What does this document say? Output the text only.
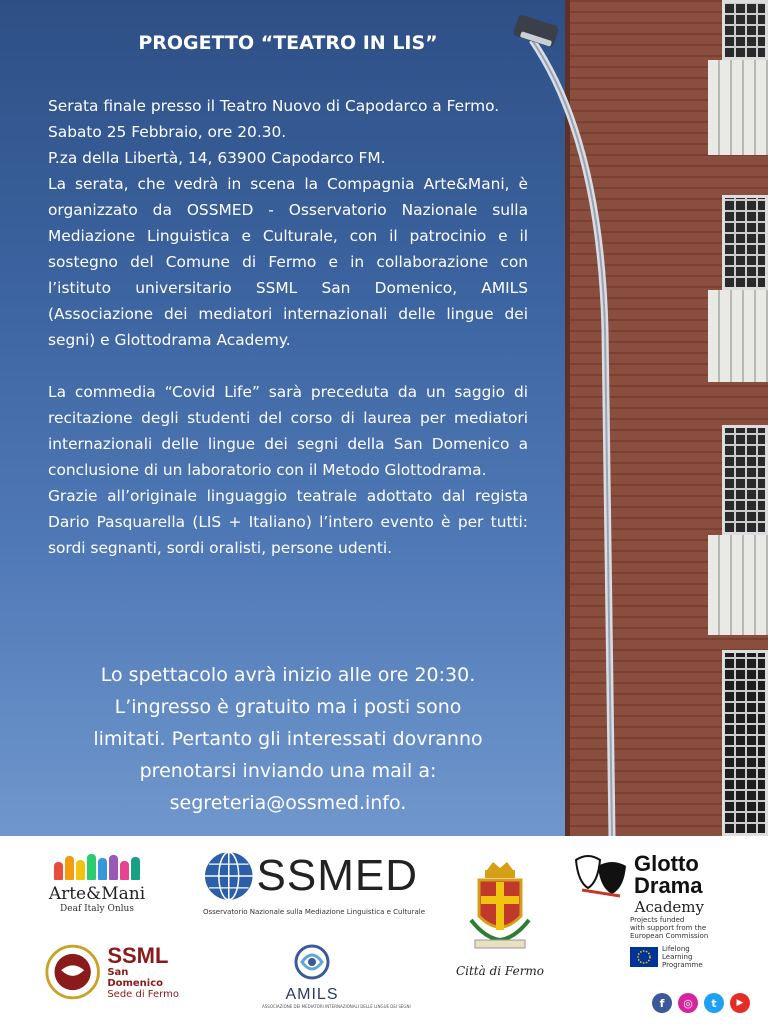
PROGETTO “TEATRO IN LIS”

Serata finale presso il Teatro Nuovo di Capodarco a Fermo. Sabato 25 Febbraio, ore 20.30.

P.za della Libertà, 14, 63900 Capodarco FM.

La serata, che vedrà in scena la Compagnia Arte&Mani, è organizzato da OSSMED - Osservatorio Nazionale sulla Mediazione Linguistica e Culturale, con il patrocinio e il sostegno del Comune di Fermo e in collaborazione con l’istituto universitario SSML San Domenico, AMILS (Associazione dei mediatori internazionali delle lingue dei segni) e Glottodrama Academy.

La commedia “Covid Life” sarà preceduta da un saggio di recitazione degli studenti del corso di laurea per mediatori internazionali delle lingue dei segni della San Domenico a conclusione di un laboratorio con il Metodo Glottodrama.

Grazie all’originale linguaggio teatrale adottato dal regista Dario Pasquarella (LIS + Italiano) l’intero evento è per tutti: sordi segnanti, sordi oralisti, persone udenti.

Lo spettacolo avrà inizio alle ore 20:30.
L’ingresso è gratuito ma i posti sono
limitati. Pertanto gli interessati dovranno
prenotarsi inviando una mail a:
segreteria@ossmed.info.
Arte&Mani
Deaf Italy Onlus
SSMED
Osservatorio Nazionale sulla Mediazione Linguistica e Culturale
Città di Fermo
Glotto
Drama
Academy
Projects funded
with support from the
European Commission
Lifelong
Learning
Programme
SSML
San Domenico
Sede di Fermo	AMILS
ASSOCIAZIONE DEI MEDIATORI INTERNAZIONALI DELLE LINGUE DEI SEGNI	f	◎	t	▶
